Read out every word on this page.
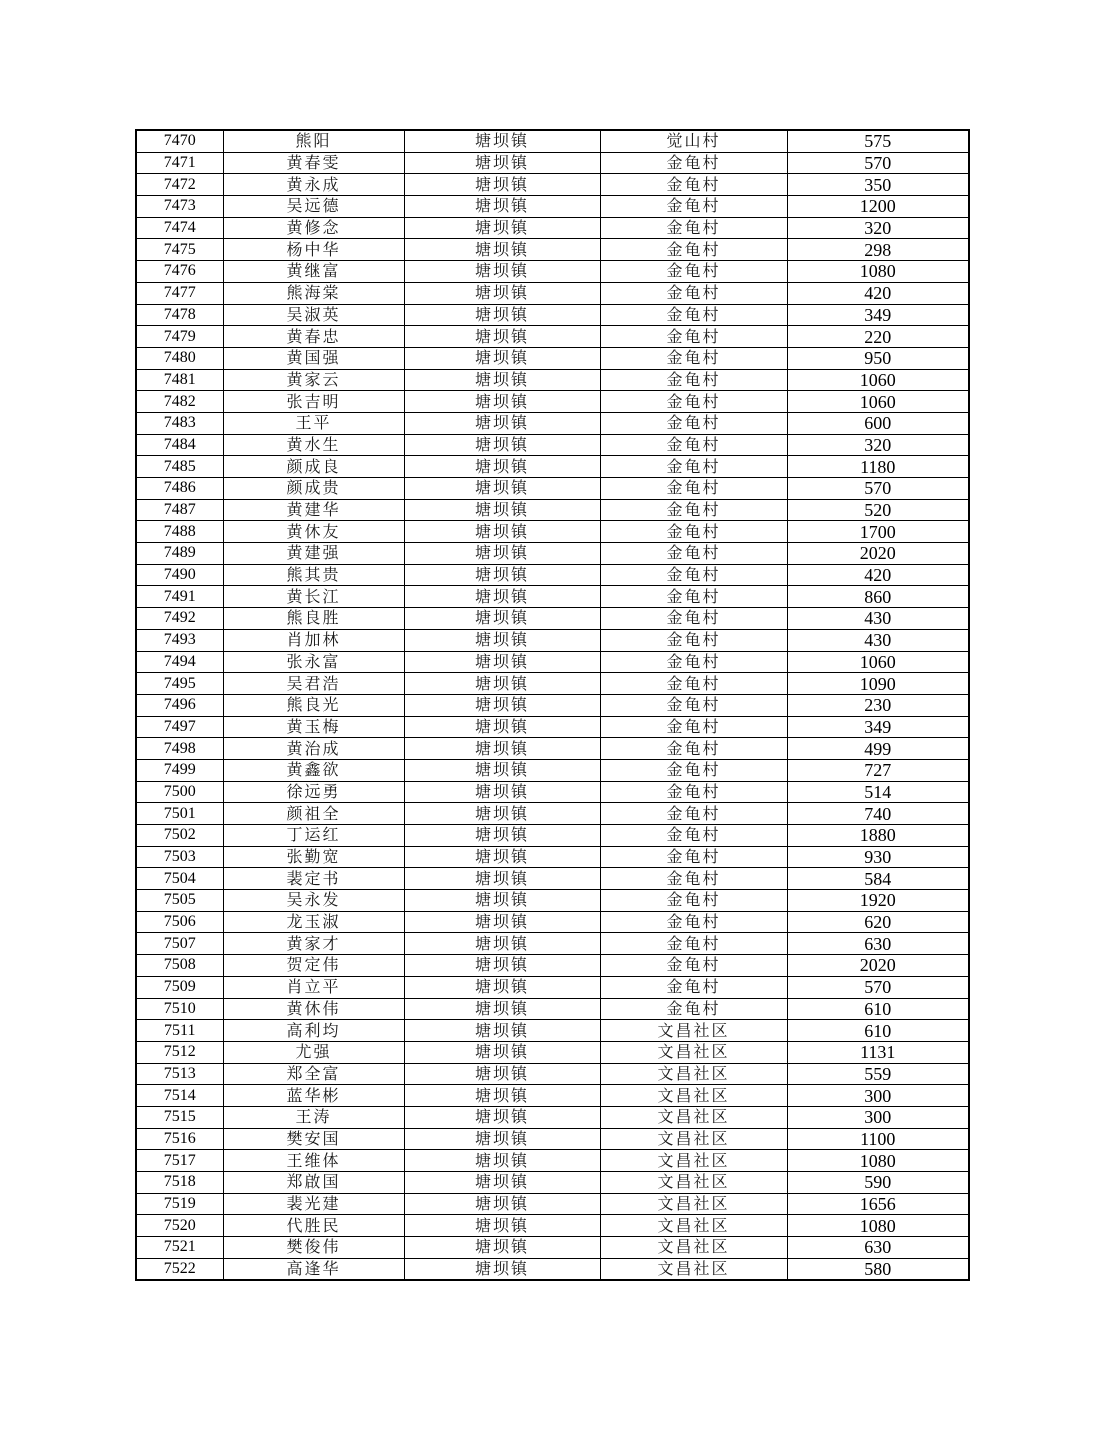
7470	熊阳	塘坝镇	觉山村	575
7471	黄春雯	塘坝镇	金龟村	570
7472	黄永成	塘坝镇	金龟村	350
7473	吴远德	塘坝镇	金龟村	1200
7474	黄修念	塘坝镇	金龟村	320
7475	杨中华	塘坝镇	金龟村	298
7476	黄继富	塘坝镇	金龟村	1080
7477	熊海棠	塘坝镇	金龟村	420
7478	吴淑英	塘坝镇	金龟村	349
7479	黄春忠	塘坝镇	金龟村	220
7480	黄国强	塘坝镇	金龟村	950
7481	黄家云	塘坝镇	金龟村	1060
7482	张吉明	塘坝镇	金龟村	1060
7483	王平	塘坝镇	金龟村	600
7484	黄水生	塘坝镇	金龟村	320
7485	颜成良	塘坝镇	金龟村	1180
7486	颜成贵	塘坝镇	金龟村	570
7487	黄建华	塘坝镇	金龟村	520
7488	黄休友	塘坝镇	金龟村	1700
7489	黄建强	塘坝镇	金龟村	2020
7490	熊其贵	塘坝镇	金龟村	420
7491	黄长江	塘坝镇	金龟村	860
7492	熊良胜	塘坝镇	金龟村	430
7493	肖加林	塘坝镇	金龟村	430
7494	张永富	塘坝镇	金龟村	1060
7495	吴君浩	塘坝镇	金龟村	1090
7496	熊良光	塘坝镇	金龟村	230
7497	黄玉梅	塘坝镇	金龟村	349
7498	黄治成	塘坝镇	金龟村	499
7499	黄鑫欲	塘坝镇	金龟村	727
7500	徐远勇	塘坝镇	金龟村	514
7501	颜祖全	塘坝镇	金龟村	740
7502	丁运红	塘坝镇	金龟村	1880
7503	张勤宽	塘坝镇	金龟村	930
7504	裴定书	塘坝镇	金龟村	584
7505	吴永发	塘坝镇	金龟村	1920
7506	龙玉淑	塘坝镇	金龟村	620
7507	黄家才	塘坝镇	金龟村	630
7508	贺定伟	塘坝镇	金龟村	2020
7509	肖立平	塘坝镇	金龟村	570
7510	黄休伟	塘坝镇	金龟村	610
7511	高利均	塘坝镇	文昌社区	610
7512	尤强	塘坝镇	文昌社区	1131
7513	郑全富	塘坝镇	文昌社区	559
7514	蓝华彬	塘坝镇	文昌社区	300
7515	王涛	塘坝镇	文昌社区	300
7516	樊安国	塘坝镇	文昌社区	1100
7517	王维体	塘坝镇	文昌社区	1080
7518	郑啟国	塘坝镇	文昌社区	590
7519	裴光建	塘坝镇	文昌社区	1656
7520	代胜民	塘坝镇	文昌社区	1080
7521	樊俊伟	塘坝镇	文昌社区	630
7522	高逢华	塘坝镇	文昌社区	580
